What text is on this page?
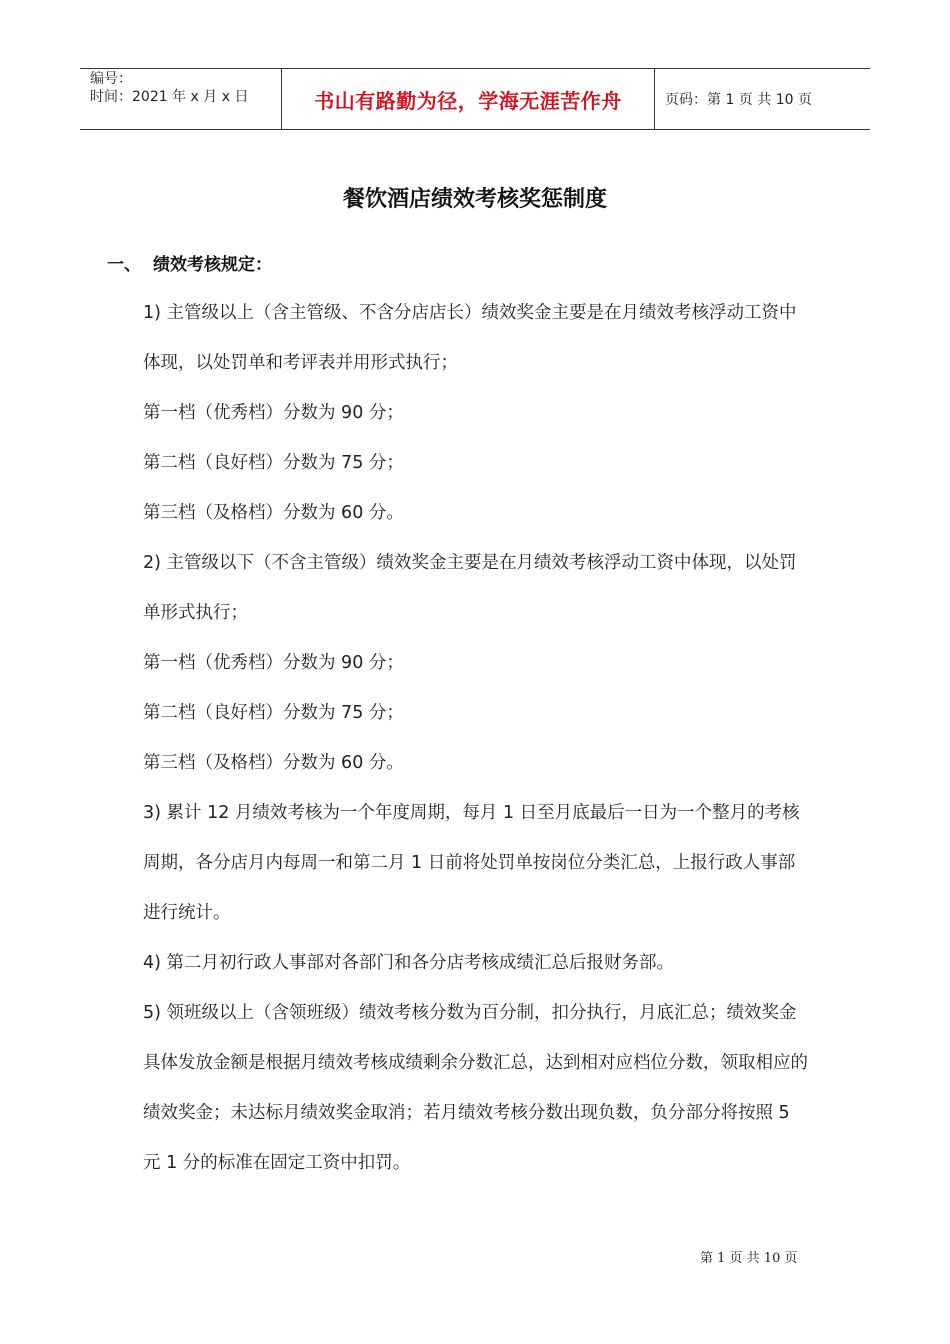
编号：
时间：2021 年 x 月 x 日	书山有路勤为径，学海无涯苦作舟	页码：第 1 页 共 10 页
餐饮酒店绩效考核奖惩制度
一、 绩效考核规定：

1) 主管级以上（含主管级、不含分店店长）绩效奖金主要是在月绩效考核浮动工资中体现，以处罚单和考评表并用形式执行；

第一档（优秀档）分数为 90 分；

第二档（良好档）分数为 75 分；

第三档（及格档）分数为 60 分。

2) 主管级以下（不含主管级）绩效奖金主要是在月绩效考核浮动工资中体现，以处罚单形式执行；

第一档（优秀档）分数为 90 分；

第二档（良好档）分数为 75 分；

第三档（及格档）分数为 60 分。

3) 累计 12 月绩效考核为一个年度周期，每月 1 日至月底最后一日为一个整月的考核周期，各分店月内每周一和第二月 1 日前将处罚单按岗位分类汇总，上报行政人事部进行统计。

4) 第二月初行政人事部对各部门和各分店考核成绩汇总后报财务部。

5) 领班级以上（含领班级）绩效考核分数为百分制，扣分执行，月底汇总；绩效奖金具体发放金额是根据月绩效考核成绩剩余分数汇总，达到相对应档位分数，领取相应的绩效奖金；未达标月绩效奖金取消；若月绩效考核分数出现负数，负分部分将按照 5 元 1 分的标准在固定工资中扣罚。

第 1 页 共 10 页
